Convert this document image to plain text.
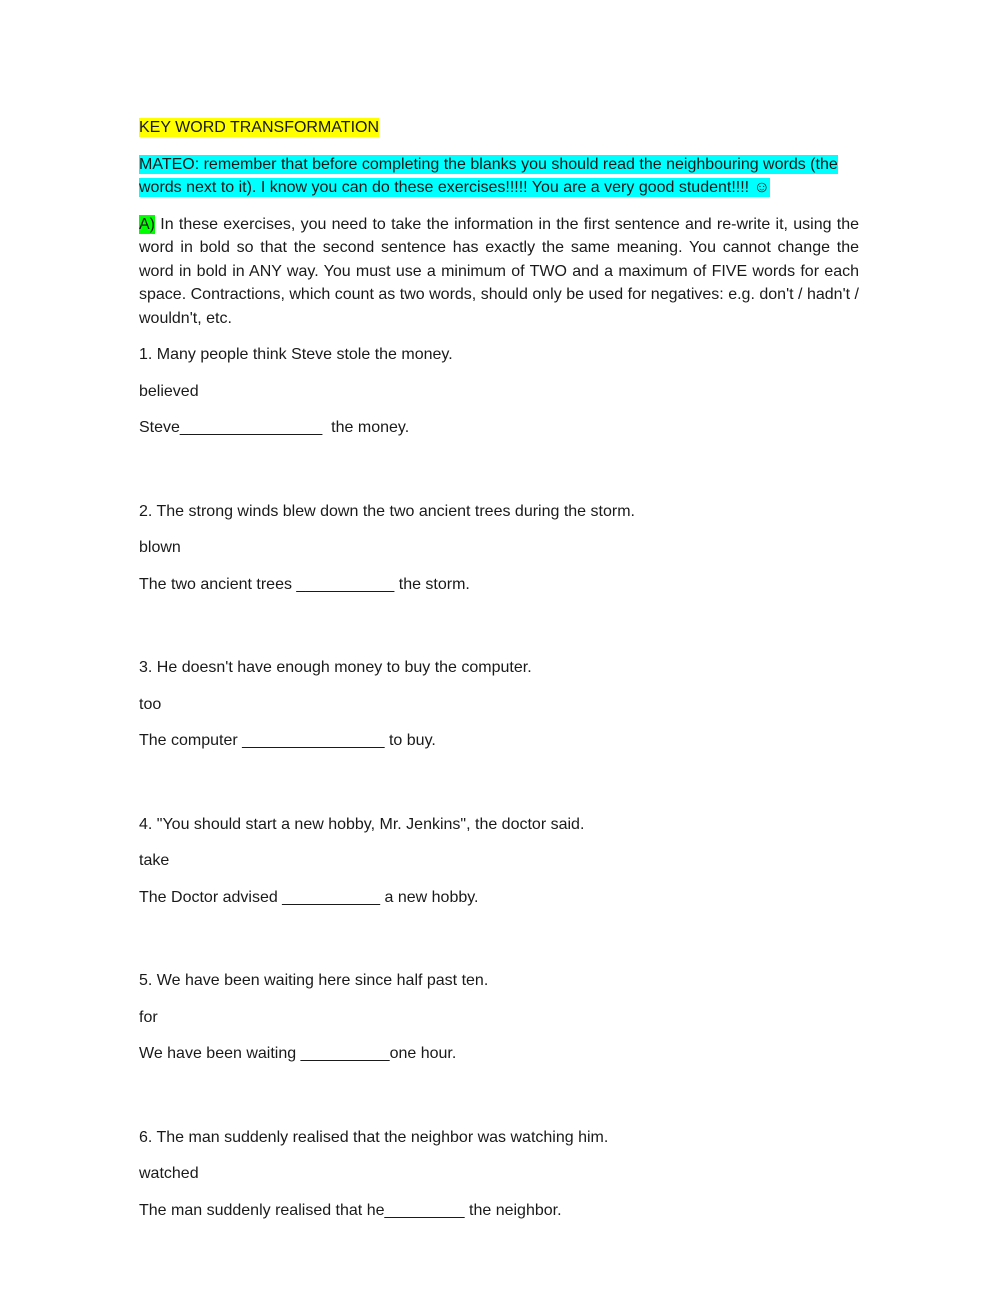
KEY WORD TRANSFORMATION

MATEO: remember that before completing the blanks you should read the neighbouring words (the words next to it). I know you can do these exercises!!!!! You are a very good student!!!! ☺

A) In these exercises, you need to take the information in the first sentence and re-write it, using the word in bold so that the second sentence has exactly the same meaning. You cannot change the word in bold in ANY way. You must use a minimum of TWO and a maximum of FIVE words for each space. Contractions, which count as two words, should only be used for negatives: e.g. don't / hadn't / wouldn't, etc.

1. Many people think Steve stole the money.

believed

Steve________________  the money.

2. The strong winds blew down the two ancient trees during the storm.

blown

The two ancient trees ___________ the storm.

3. He doesn't have enough money to buy the computer.

too

The computer ________________ to buy.

4. "You should start a new hobby, Mr. Jenkins", the doctor said.

take

The Doctor advised ___________ a new hobby.

5. We have been waiting here since half past ten.

for

We have been waiting __________one hour.

6. The man suddenly realised that the neighbor was watching him.

watched

The man suddenly realised that he_________ the neighbor.
